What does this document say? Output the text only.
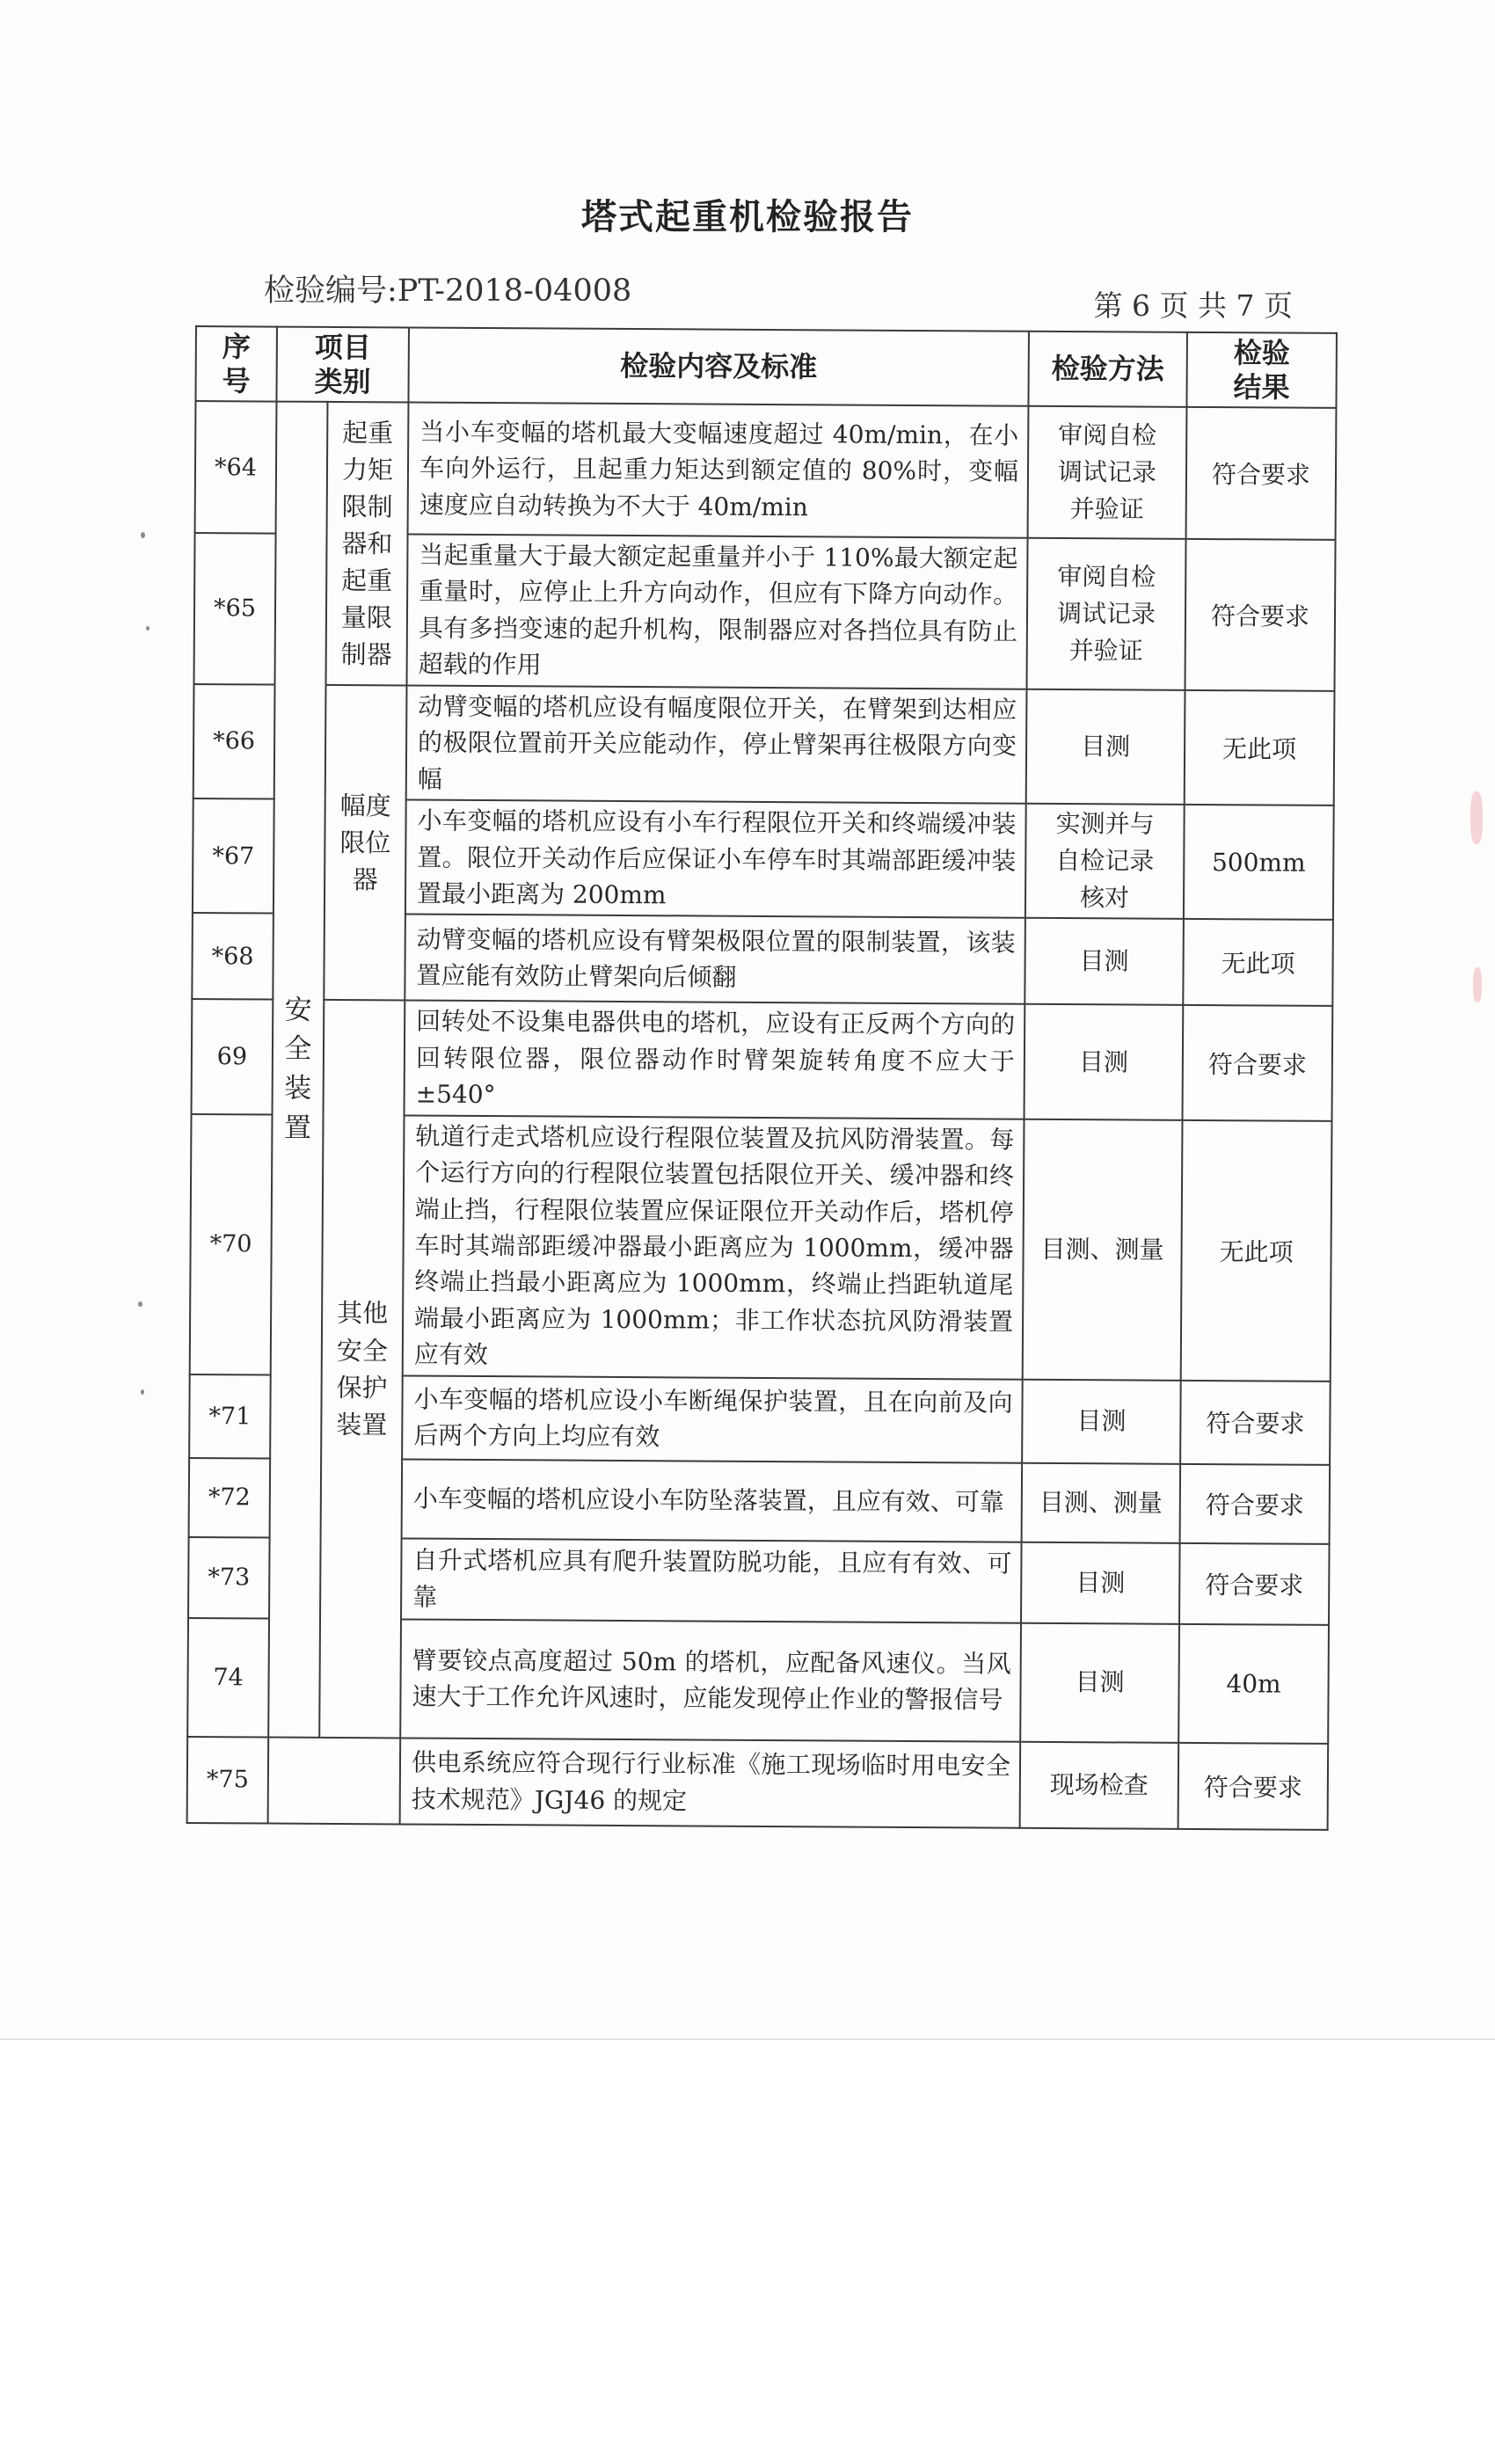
塔式起重机检验报告
检验编号:PT-2018-04008	第 6 页 共 7 页
序号	项目类别		检验内容及标准	检验方法	检验结果
*64	安全装置	起重力矩限制器和起重量限制器	当小车变幅的塔机最大变幅速度超过 40m/min，在小车向外运行，且起重力矩达到额定值的 80%时，变幅速度应自动转换为不大于 40m/min	审阅自检调试记录并验证	符合要求
*65			当起重量大于最大额定起重量并小于 110%最大额定起重量时，应停止上升方向动作，但应有下降方向动作。具有多挡变速的起升机构，限制器应对各挡位具有防止超载的作用	审阅自检调试记录并验证	符合要求
*66		幅度限位器	动臂变幅的塔机应设有幅度限位开关，在臂架到达相应的极限位置前开关应能动作，停止臂架再往极限方向变幅	目测	无此项
*67			小车变幅的塔机应设有小车行程限位开关和终端缓冲装置。限位开关动作后应保证小车停车时其端部距缓冲装置最小距离为 200mm	实测并与自检记录核对	500mm
*68			动臂变幅的塔机应设有臂架极限位置的限制装置，该装置应能有效防止臂架向后倾翻	目测	无此项
69		其他安全保护装置	回转处不设集电器供电的塔机，应设有正反两个方向的回转限位器，限位器动作时臂架旋转角度不应大于±540°	目测	符合要求
*70			轨道行走式塔机应设行程限位装置及抗风防滑装置。每个运行方向的行程限位装置包括限位开关、缓冲器和终端止挡，行程限位装置应保证限位开关动作后，塔机停车时其端部距缓冲器最小距离应为 1000mm，缓冲器终端止挡最小距离应为 1000mm，终端止挡距轨道尾端最小距离应为 1000mm；非工作状态抗风防滑装置应有效	目测、测量	无此项
*71			小车变幅的塔机应设小车断绳保护装置，且在向前及向后两个方向上均应有效	目测	符合要求
*72			小车变幅的塔机应设小车防坠落装置，且应有效、可靠	目测、测量	符合要求
*73			自升式塔机应具有爬升装置防脱功能，且应有有效、可靠	目测	符合要求
74			臂要铰点高度超过 50m 的塔机，应配备风速仪。当风速大于工作允许风速时，应能发现停止作业的警报信号	目测	40m
*75			供电系统应符合现行行业标准《施工现场临时用电安全技术规范》JGJ46 的规定	现场检查	符合要求
